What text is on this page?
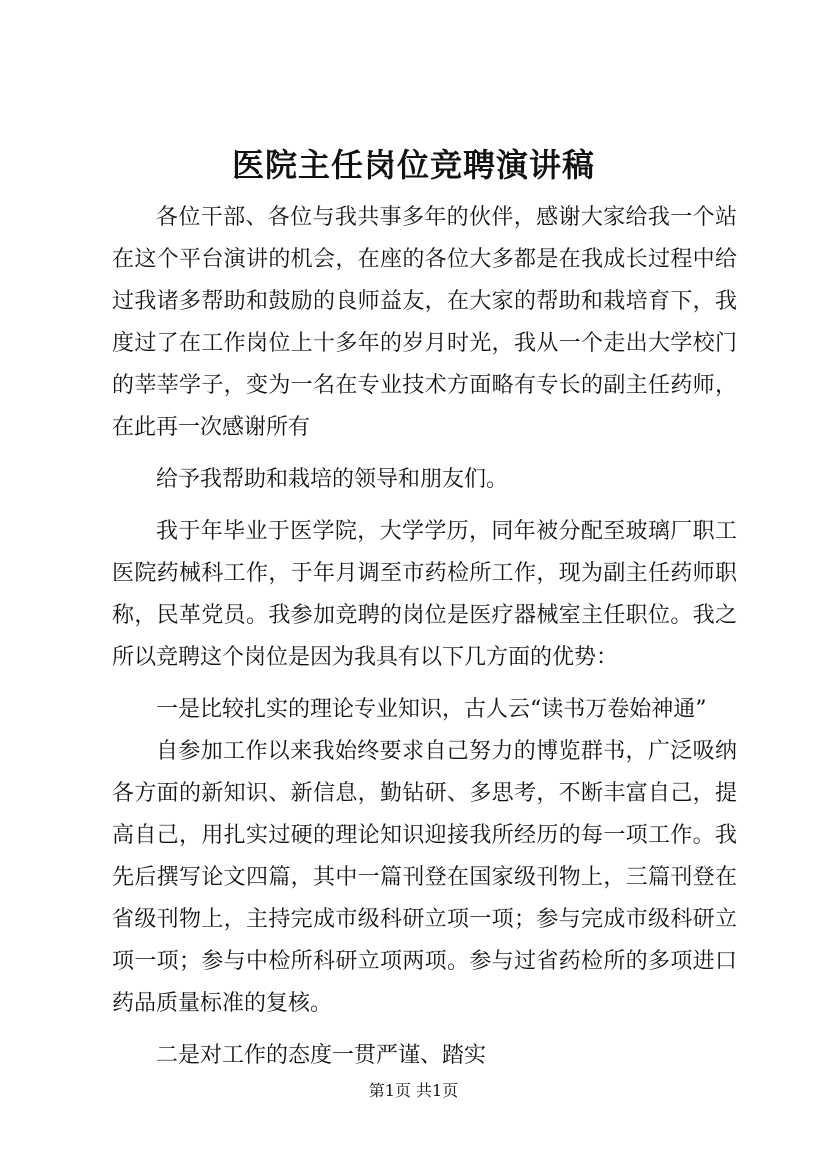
医院主任岗位竞聘演讲稿

各位干部、各位与我共事多年的伙伴，感谢大家给我一个站在这个平台演讲的机会，在座的各位大多都是在我成长过程中给过我诸多帮助和鼓励的良师益友，在大家的帮助和栽培育下，我度过了在工作岗位上十多年的岁月时光，我从一个走出大学校门的莘莘学子，变为一名在专业技术方面略有专长的副主任药师，在此再一次感谢所有

给予我帮助和栽培的领导和朋友们。

我于年毕业于医学院，大学学历，同年被分配至玻璃厂职工医院药械科工作，于年月调至市药检所工作，现为副主任药师职称，民革党员。我参加竞聘的岗位是医疗器械室主任职位。我之所以竞聘这个岗位是因为我具有以下几方面的优势：

一是比较扎实的理论专业知识，古人云“读书万卷始神通”

自参加工作以来我始终要求自己努力的博览群书，广泛吸纳各方面的新知识、新信息，勤钻研、多思考，不断丰富自己，提高自己，用扎实过硬的理论知识迎接我所经历的每一项工作。我先后撰写论文四篇，其中一篇刊登在国家级刊物上，三篇刊登在省级刊物上，主持完成市级科研立项一项；参与完成市级科研立项一项；参与中检所科研立项两项。参与过省药检所的多项进口药品质量标准的复核。

二是对工作的态度一贯严谨、踏实

第1页 共1页
